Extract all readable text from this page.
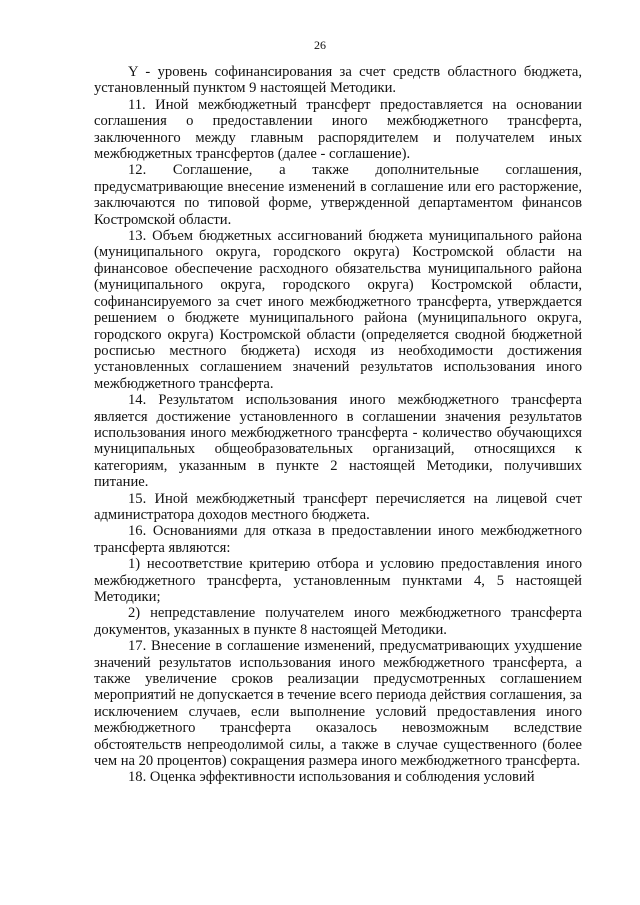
26

Y - уровень софинансирования за счет средств областного бюджета, установленный пунктом 9 настоящей Методики.

11. Иной межбюджетный трансферт предоставляется на основании соглашения о предоставлении иного межбюджетного трансферта, заключенного между главным распорядителем и получателем иных межбюджетных трансфертов (далее - соглашение).

12. Соглашение, а также дополнительные соглашения, предусматривающие внесение изменений в соглашение или его расторжение, заключаются по типовой форме, утвержденной департаментом финансов Костромской области.

13. Объем бюджетных ассигнований бюджета муниципального района (муниципального округа, городского округа) Костромской области на финансовое обеспечение расходного обязательства муниципального района (муниципального округа, городского округа) Костромской области, софинансируемого за счет иного межбюджетного трансферта, утверждается решением о бюджете муниципального района (муниципального округа, городского округа) Костромской области (определяется сводной бюджетной росписью местного бюджета) исходя из необходимости достижения установленных соглашением значений результатов использования иного межбюджетного трансферта.

14. Результатом использования иного межбюджетного трансферта является достижение установленного в соглашении значения результатов использования иного межбюджетного трансферта - количество обучающихся муниципальных общеобразовательных организаций, относящихся к категориям, указанным в пункте 2 настоящей Методики, получивших питание.

15. Иной межбюджетный трансферт перечисляется на лицевой счет администратора доходов местного бюджета.

16. Основаниями для отказа в предоставлении иного межбюджетного трансферта являются:

1) несоответствие критерию отбора и условию предоставления иного межбюджетного трансферта, установленным пунктами 4, 5 настоящей Методики;

2) непредставление получателем иного межбюджетного трансферта документов, указанных в пункте 8 настоящей Методики.

17. Внесение в соглашение изменений, предусматривающих ухудшение значений результатов использования иного межбюджетного трансферта, а также увеличение сроков реализации предусмотренных соглашением мероприятий не допускается в течение всего периода действия соглашения, за исключением случаев, если выполнение условий предоставления иного межбюджетного трансферта оказалось невозможным вследствие обстоятельств непреодолимой силы, а также в случае существенного (более чем на 20 процентов) сокращения размера иного межбюджетного трансферта.

18. Оценка эффективности использования и соблюдения условий
